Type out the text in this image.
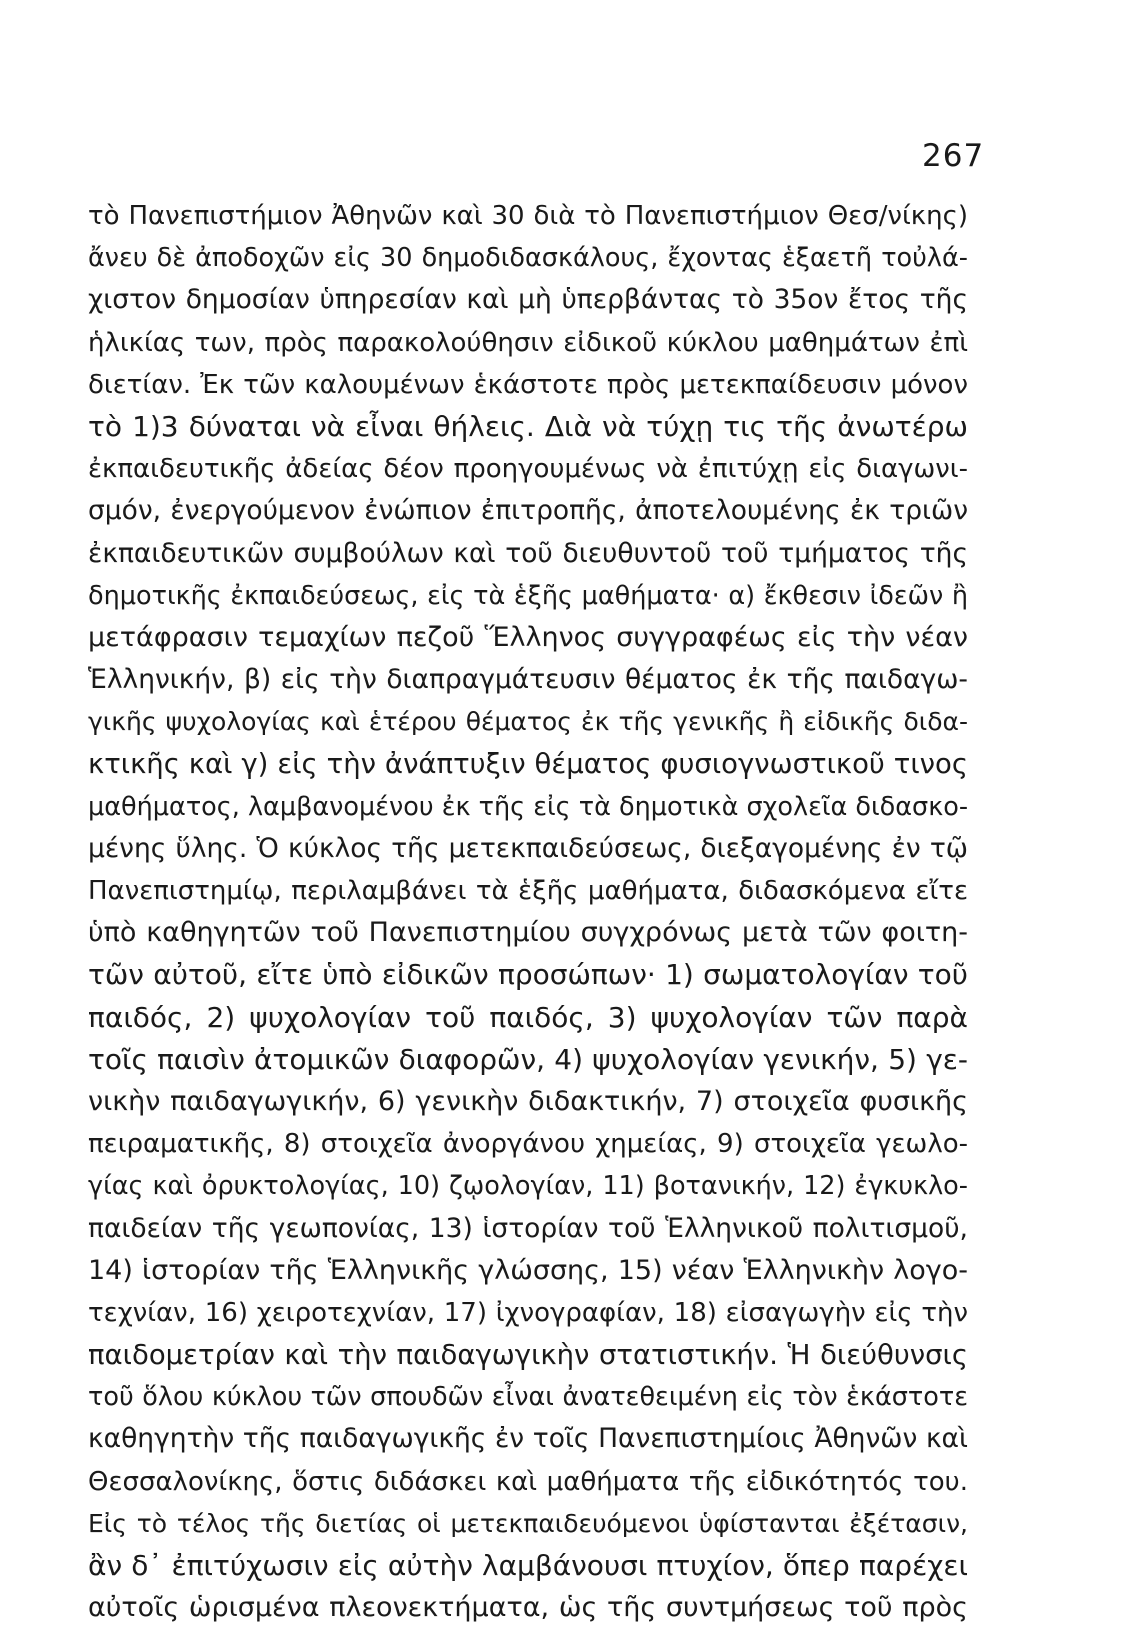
267
τὸ Πανεπιστήμιον Ἀθηνῶν καὶ 30 διὰ τὸ Πανεπιστήμιον Θεσ/νίκης)
ἄνευ δὲ ἀποδοχῶν εἰς 30 δημοδιδασκάλους, ἔχοντας ἑξαετῆ τοὐλά-
χιστον δημοσίαν ὑπηρεσίαν καὶ μὴ ὑπερβάντας τὸ 35ον ἔτος τῆς
ἡλικίας των, πρὸς παρακολούθησιν εἰδικοῦ κύκλου μαθημάτων ἐπὶ
διετίαν. Ἐκ τῶν καλουμένων ἑκάστοτε πρὸς μετεκπαίδευσιν μόνον
τὸ 1)3 δύναται νὰ εἶναι θήλεις. Διὰ νὰ τύχῃ τις τῆς ἀνωτέρω
ἐκπαιδευτικῆς ἀδείας δέον προηγουμένως νὰ ἐπιτύχῃ εἰς διαγωνι-
σμόν, ἐνεργούμενον ἐνώπιον ἐπιτροπῆς, ἀποτελουμένης ἐκ τριῶν
ἐκπαιδευτικῶν συμβούλων καὶ τοῦ διευθυντοῦ τοῦ τμήματος τῆς
δημοτικῆς ἐκπαιδεύσεως, εἰς τὰ ἑξῆς μαθήματα· α) ἔκθεσιν ἰδεῶν ἢ
μετάφρασιν τεμαχίων πεζοῦ Ἕλληνος συγγραφέως εἰς τὴν νέαν
Ἑλληνικήν, β) εἰς τὴν διαπραγμάτευσιν θέματος ἐκ τῆς παιδαγω-
γικῆς ψυχολογίας καὶ ἑτέρου θέματος ἐκ τῆς γενικῆς ἢ εἰδικῆς διδα-
κτικῆς καὶ γ) εἰς τὴν ἀνάπτυξιν θέματος φυσιογνωστικοῦ τινος
μαθήματος, λαμβανομένου ἐκ τῆς εἰς τὰ δημοτικὰ σχολεῖα διδασκο-
μένης ὕλης. Ὁ κύκλος τῆς μετεκπαιδεύσεως, διεξαγομένης ἐν τῷ
Πανεπιστημίῳ, περιλαμβάνει τὰ ἑξῆς μαθήματα, διδασκόμενα εἴτε
ὑπὸ καθηγητῶν τοῦ Πανεπιστημίου συγχρόνως μετὰ τῶν φοιτη-
τῶν αὐτοῦ, εἴτε ὑπὸ εἰδικῶν προσώπων· 1) σωματολογίαν τοῦ
παιδός, 2) ψυχολογίαν τοῦ παιδός, 3) ψυχολογίαν τῶν παρὰ
τοῖς παισὶν ἀτομικῶν διαφορῶν, 4) ψυχολογίαν γενικήν, 5) γε-
νικὴν παιδαγωγικήν, 6) γενικὴν διδακτικήν, 7) στοιχεῖα φυσικῆς
πειραματικῆς, 8) στοιχεῖα ἀνοργάνου χημείας, 9) στοιχεῖα γεωλο-
γίας καὶ ὀρυκτολογίας, 10) ζῳολογίαν, 11) βοτανικήν, 12) ἐγκυκλο-
παιδείαν τῆς γεωπονίας, 13) ἱστορίαν τοῦ Ἑλληνικοῦ πολιτισμοῦ,
14) ἱστορίαν τῆς Ἑλληνικῆς γλώσσης, 15) νέαν Ἑλληνικὴν λογο-
τεχνίαν, 16) χειροτεχνίαν, 17) ἰχνογραφίαν, 18) εἰσαγωγὴν εἰς τὴν
παιδομετρίαν καὶ τὴν παιδαγωγικὴν στατιστικήν. Ἡ διεύθυνσις
τοῦ ὅλου κύκλου τῶν σπουδῶν εἶναι ἀνατεθειμένη εἰς τὸν ἑκάστοτε
καθηγητὴν τῆς παιδαγωγικῆς ἐν τοῖς Πανεπιστημίοις Ἀθηνῶν καὶ
Θεσσαλονίκης, ὅστις διδάσκει καὶ μαθήματα τῆς εἰδικότητός του.
Εἰς τὸ τέλος τῆς διετίας οἱ μετεκπαιδευόμενοι ὑφίστανται ἐξέτασιν,
ἂν δ᾿ ἐπιτύχωσιν εἰς αὐτὴν λαμβάνουσι πτυχίον, ὅπερ παρέχει
αὐτοῖς ὡρισμένα πλεονεκτήματα, ὡς τῆς συντμήσεως τοῦ πρὸς
